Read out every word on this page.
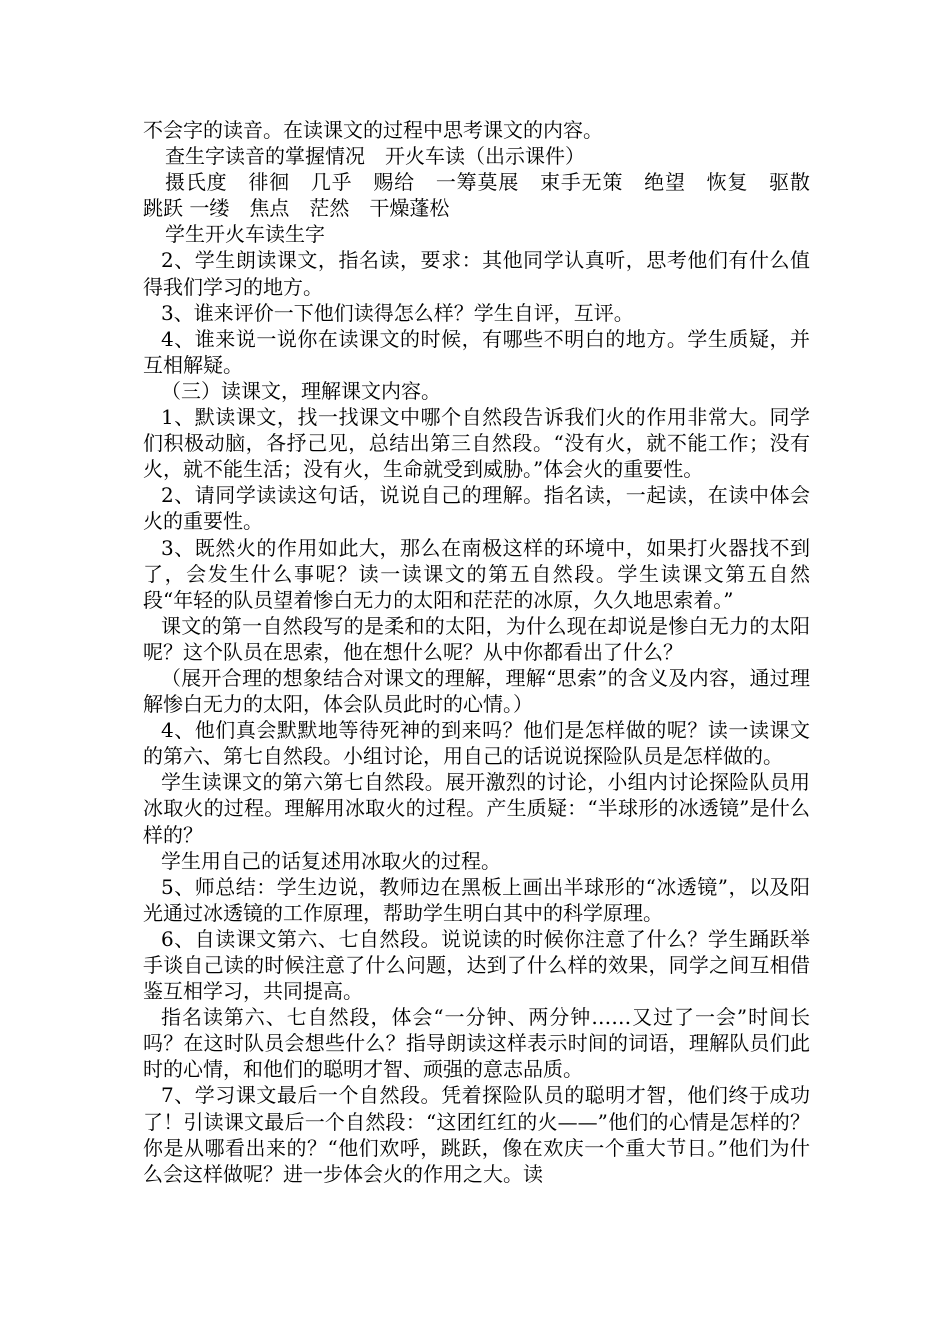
不会字的读音。在读课文的过程中思考课文的内容。

查生字读音的掌握情况　开火车读（出示课件）

摄氏度　徘徊　几乎　赐给　一筹莫展　束手无策　绝望　恢复　驱散　跳跃 一缕　焦点　茫然　干燥蓬松

学生开火车读生字

2、学生朗读课文，指名读，要求：其他同学认真听，思考他们有什么值得我们学习的地方。

3、谁来评价一下他们读得怎么样？学生自评，互评。

4、谁来说一说你在读课文的时候，有哪些不明白的地方。学生质疑，并互相解疑。

（三）读课文，理解课文内容。

1、默读课文，找一找课文中哪个自然段告诉我们火的作用非常大。同学们积极动脑，各抒己见，总结出第三自然段。“没有火，就不能工作；没有火，就不能生活；没有火，生命就受到威胁。”体会火的重要性。

2、请同学读读这句话，说说自己的理解。指名读，一起读，在读中体会火的重要性。

3、既然火的作用如此大，那么在南极这样的环境中，如果打火器找不到了，会发生什么事呢？读一读课文的第五自然段。学生读课文第五自然段“年轻的队员望着惨白无力的太阳和茫茫的冰原，久久地思索着。”

课文的第一自然段写的是柔和的太阳，为什么现在却说是惨白无力的太阳呢？这个队员在思索，他在想什么呢？从中你都看出了什么？

（展开合理的想象结合对课文的理解，理解“思索”的含义及内容，通过理解惨白无力的太阳，体会队员此时的心情。）

4、他们真会默默地等待死神的到来吗？他们是怎样做的呢？读一读课文的第六、第七自然段。小组讨论，用自己的话说说探险队员是怎样做的。

学生读课文的第六第七自然段。展开激烈的讨论，小组内讨论探险队员用冰取火的过程。理解用冰取火的过程。产生质疑：“半球形的冰透镜”是什么样的？

学生用自己的话复述用冰取火的过程。

5、师总结：学生边说，教师边在黑板上画出半球形的“冰透镜”，以及阳光通过冰透镜的工作原理，帮助学生明白其中的科学原理。

6、自读课文第六、七自然段。说说读的时候你注意了什么？学生踊跃举手谈自己读的时候注意了什么问题，达到了什么样的效果，同学之间互相借鉴互相学习，共同提高。

指名读第六、七自然段，体会“一分钟、两分钟……又过了一会”时间长吗？在这时队员会想些什么？指导朗读这样表示时间的词语，理解队员们此时的心情，和他们的聪明才智、顽强的意志品质。

7、学习课文最后一个自然段。凭着探险队员的聪明才智，他们终于成功了！引读课文最后一个自然段：“这团红红的火——”他们的心情是怎样的？你是从哪看出来的？“他们欢呼，跳跃，像在欢庆一个重大节日。”他们为什么会这样做呢？进一步体会火的作用之大。读
